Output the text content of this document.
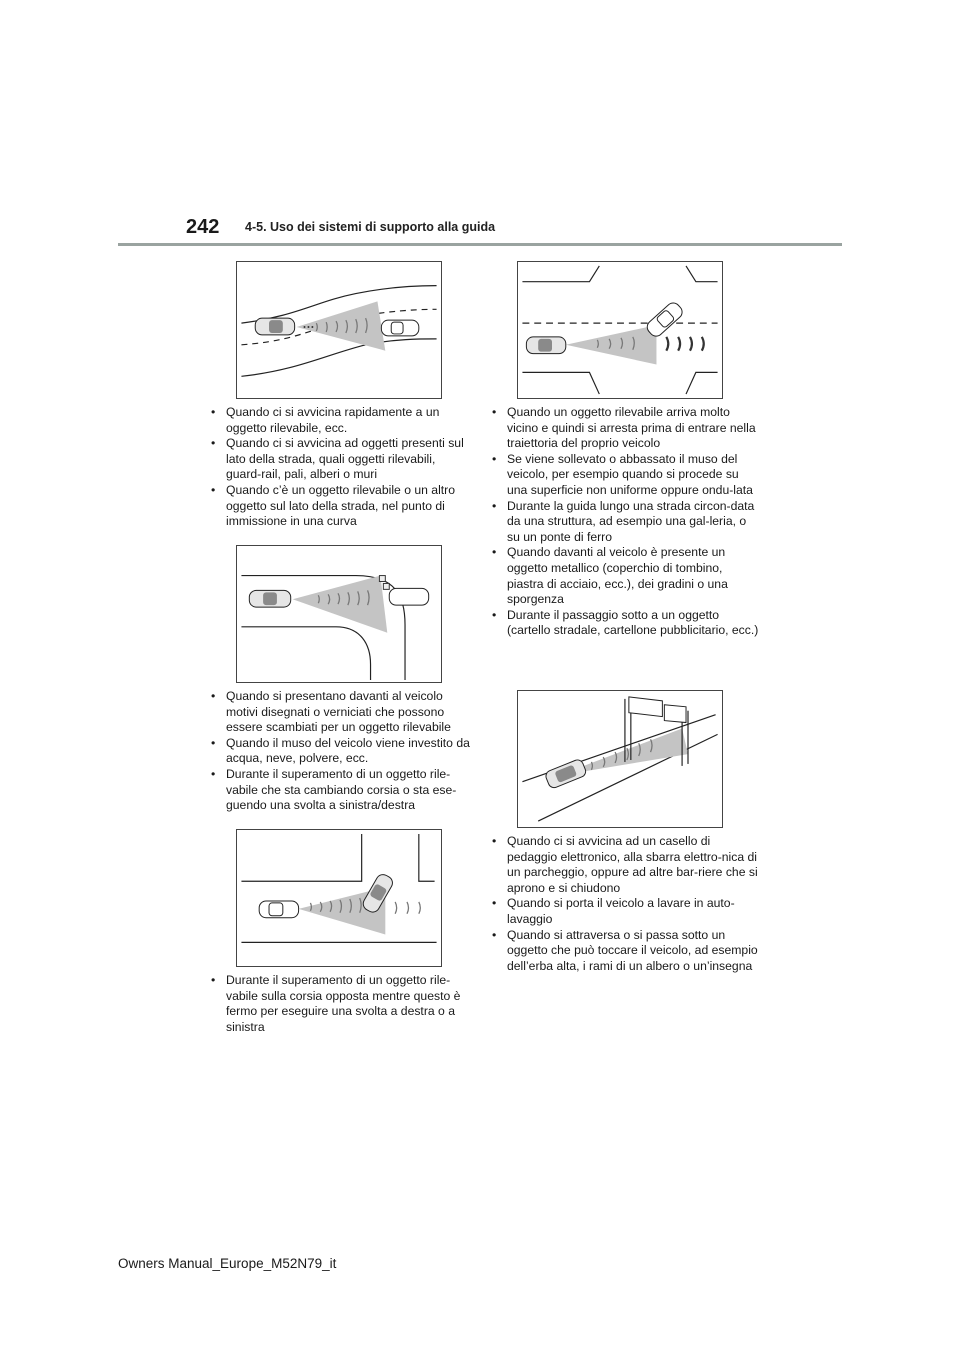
242 4-5. Uso dei sistemi di supporto alla guida
• Quando ci si avvicina rapidamente a un oggetto rilevabile, ecc.
• Quando ci si avvicina ad oggetti presenti sul lato della strada, quali oggetti rilevabili, guard-rail, pali, alberi o muri
• Quando c’è un oggetto rilevabile o un altro oggetto sul lato della strada, nel punto di immissione in una curva
• Quando si presentano davanti al veicolo motivi disegnati o verniciati che possono essere scambiati per un oggetto rilevabile
• Quando il muso del veicolo viene investito da acqua, neve, polvere, ecc.
• Durante il superamento di un oggetto rile-vabile che sta cambiando corsia o sta ese-guendo una svolta a sinistra/destra
• Durante il superamento di un oggetto rile-vabile sulla corsia opposta mentre questo è fermo per eseguire una svolta a destra o a sinistra
• Quando un oggetto rilevabile arriva molto vicino e quindi si arresta prima di entrare nella traiettoria del proprio veicolo
• Se viene sollevato o abbassato il muso del veicolo, per esempio quando si procede su una superficie non uniforme oppure ondu-lata
• Durante la guida lungo una strada circon-data da una struttura, ad esempio una gal-leria, o su un ponte di ferro
• Quando davanti al veicolo è presente un oggetto metallico (coperchio di tombino, piastra di acciaio, ecc.), dei gradini o una sporgenza
• Durante il passaggio sotto a un oggetto (cartello stradale, cartellone pubblicitario, ecc.)
• Quando ci si avvicina ad un casello di pedaggio elettronico, alla sbarra elettro-nica di un parcheggio, oppure ad altre bar-riere che si aprono e si chiudono
• Quando si porta il veicolo a lavare in auto-lavaggio
• Quando si attraversa o si passa sotto un oggetto che può toccare il veicolo, ad esempio dell’erba alta, i rami di un albero o un’insegna
Owners Manual_Europe_M52N79_it
